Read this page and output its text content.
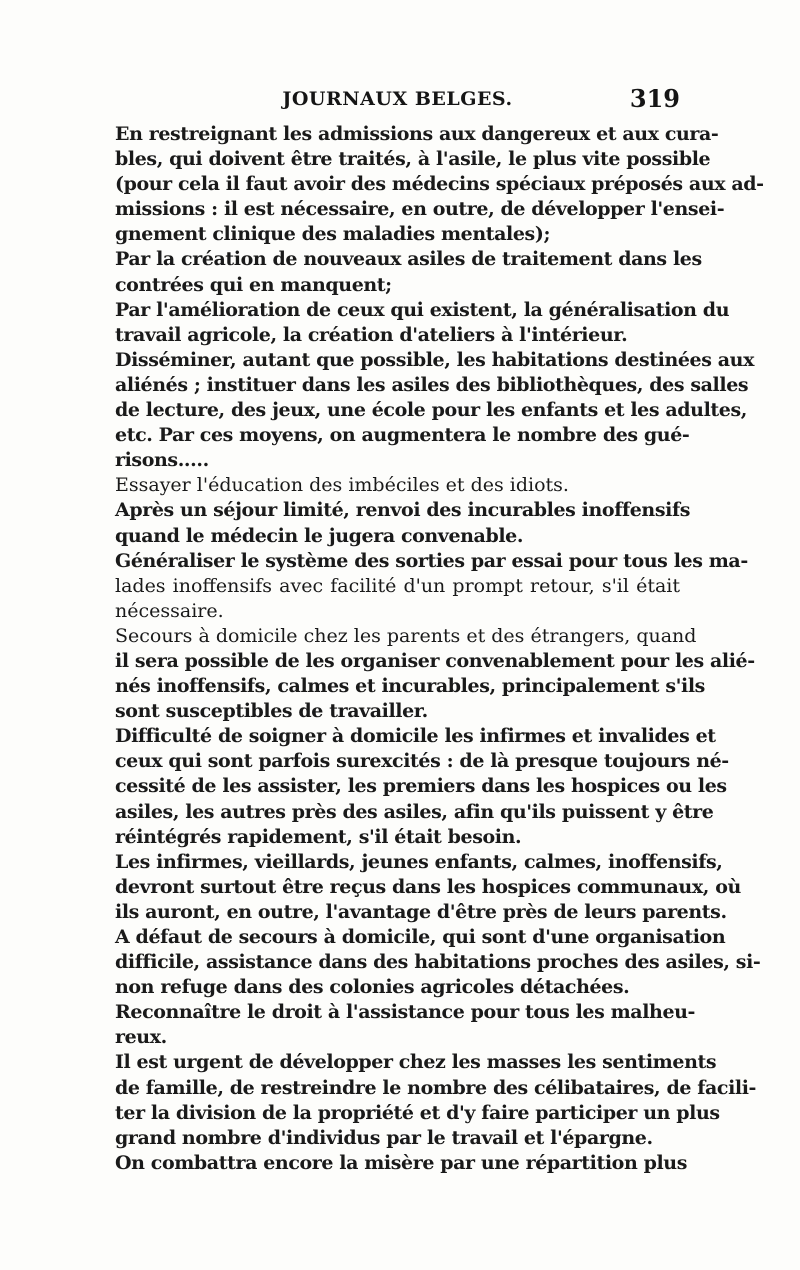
JOURNAUX BELGES.	319
En restreignant les admissions aux dangereux et aux cura-
bles, qui doivent être traités, à l'asile, le plus vite possible
(pour cela il faut avoir des médecins spéciaux préposés aux ad-
missions : il est nécessaire, en outre, de développer l'ensei-
gnement clinique des maladies mentales);
Par la création de nouveaux asiles de traitement dans les
contrées qui en manquent;
Par l'amélioration de ceux qui existent, la généralisation du
travail agricole, la création d'ateliers à l'intérieur.
Disséminer, autant que possible, les habitations destinées aux
aliénés ; instituer dans les asiles des bibliothèques, des salles
de lecture, des jeux, une école pour les enfants et les adultes,
etc. Par ces moyens, on augmentera le nombre des gué-
risons.....
Essayer l'éducation des imbéciles et des idiots.
Après un séjour limité, renvoi des incurables inoffensifs
quand le médecin le jugera convenable.
Généraliser le système des sorties par essai pour tous les ma-
lades inoffensifs avec facilité d'un prompt retour, s'il était
nécessaire.
Secours à domicile chez les parents et des étrangers, quand
il sera possible de les organiser convenablement pour les alié-
nés inoffensifs, calmes et incurables, principalement s'ils
sont susceptibles de travailler.
Difficulté de soigner à domicile les infirmes et invalides et
ceux qui sont parfois surexcités : de là presque toujours né-
cessité de les assister, les premiers dans les hospices ou les
asiles, les autres près des asiles, afin qu'ils puissent y être
réintégrés rapidement, s'il était besoin.
Les infirmes, vieillards, jeunes enfants, calmes, inoffensifs,
devront surtout être reçus dans les hospices communaux, où
ils auront, en outre, l'avantage d'être près de leurs parents.
A défaut de secours à domicile, qui sont d'une organisation
difficile, assistance dans des habitations proches des asiles, si-
non refuge dans des colonies agricoles détachées.
Reconnaître le droit à l'assistance pour tous les malheu-
reux.
Il est urgent de développer chez les masses les sentiments
de famille, de restreindre le nombre des célibataires, de facili-
ter la division de la propriété et d'y faire participer un plus
grand nombre d'individus par le travail et l'épargne.
On combattra encore la misère par une répartition plus
